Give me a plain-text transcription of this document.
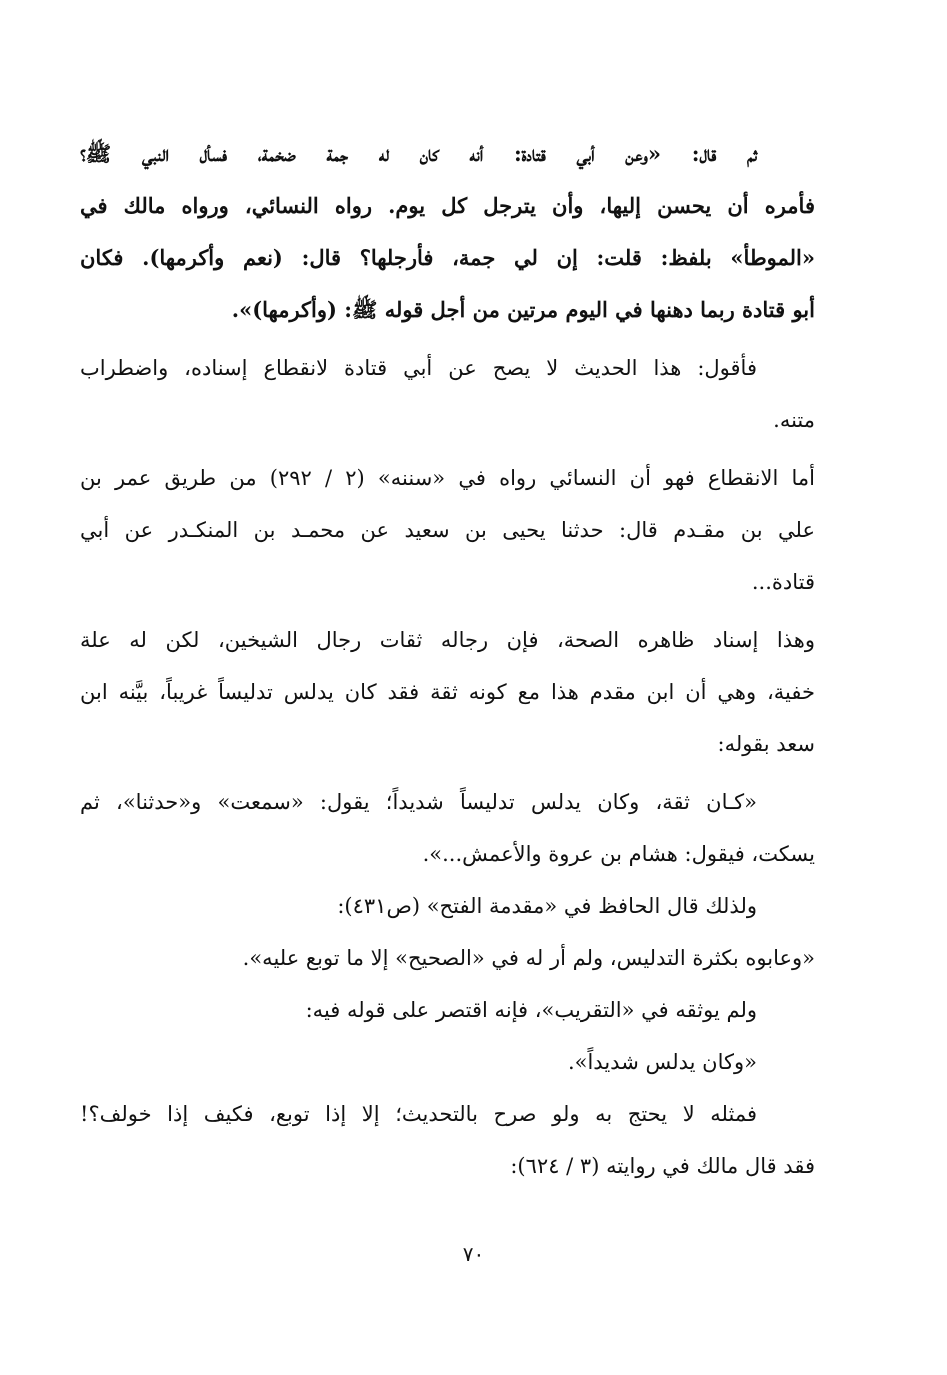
ثم قال: «وعن أبي قتادة: أنه كان له جمة ضخمة، فسأل النبي ﷺ؟
فأمره أن يحسن إليها، وأن يترجل كل يوم. رواه النسائي، ورواه مالك في
«الموطأ» بلفظ: قلت: إن لي جمة، فأرجلها؟ قال: (نعم وأكرمها). فكان
أبو قتادة ربما دهنها في اليوم مرتين من أجل قوله ﷺ: (وأكرمها)».
فأقول: هذا الحديث لا يصح عن أبي قتادة لانقطاع إسناده، واضطراب
متنه.
أما الانقطاع فهو أن النسائي رواه في «سننه» (٢ / ٢٩٢) من طريق عمر بن
علي بن مقـدم قال: حدثنا يحيى بن سعيد عن محمـد بن المنكـدر عن أبي
قتادة...
وهذا إسناد ظاهره الصحة، فإن رجاله ثقات رجال الشيخين، لكن له علة
خفية، وهي أن ابن مقدم هذا مع كونه ثقة فقد كان يدلس تدليساً غريباً، بيَّنه ابن
سعد بقوله:
«كـان ثقة، وكان يدلس تدليساً شديداً؛ يقول: «سمعت» و«حدثنا»، ثم
يسكت، فيقول: هشام بن عروة والأعمش...».
ولذلك قال الحافظ في «مقدمة الفتح» (ص٤٣١):
«وعابوه بكثرة التدليس، ولم أر له في «الصحيح» إلا ما توبع عليه».
ولم يوثقه في «التقريب»، فإنه اقتصر على قوله فيه:
«وكان يدلس شديداً».
فمثله لا يحتج به ولو صرح بالتحديث؛ إلا إذا توبع، فكيف إذا خولف؟!
فقد قال مالك في روايته (٣ / ٦٢٤):
٧٠
